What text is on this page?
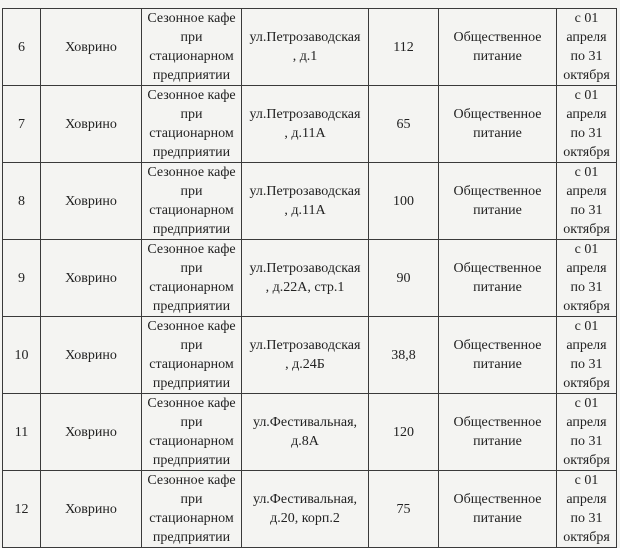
6	Ховрино	Сезонное кафе
при
стационарном
предприятии	ул.Петрозаводская
, д.1	112	Общественное
питание	с 01
апреля
по 31
октября
7	Ховрино	Сезонное кафе
при
стационарном
предприятии	ул.Петрозаводская
, д.11А	65	Общественное
питание	с 01
апреля
по 31
октября
8	Ховрино	Сезонное кафе
при
стационарном
предприятии	ул.Петрозаводская
, д.11А	100	Общественное
питание	с 01
апреля
по 31
октября
9	Ховрино	Сезонное кафе
при
стационарном
предприятии	ул.Петрозаводская
, д.22А, стр.1	90	Общественное
питание	с 01
апреля
по 31
октября
10	Ховрино	Сезонное кафе
при
стационарном
предприятии	ул.Петрозаводская
, д.24Б	38,8	Общественное
питание	с 01
апреля
по 31
октября
11	Ховрино	Сезонное кафе
при
стационарном
предприятии	ул.Фестивальная,
д.8А	120	Общественное
питание	с 01
апреля
по 31
октября
12	Ховрино	Сезонное кафе
при
стационарном
предприятии	ул.Фестивальная,
д.20, корп.2	75	Общественное
питание	с 01
апреля
по 31
октября
